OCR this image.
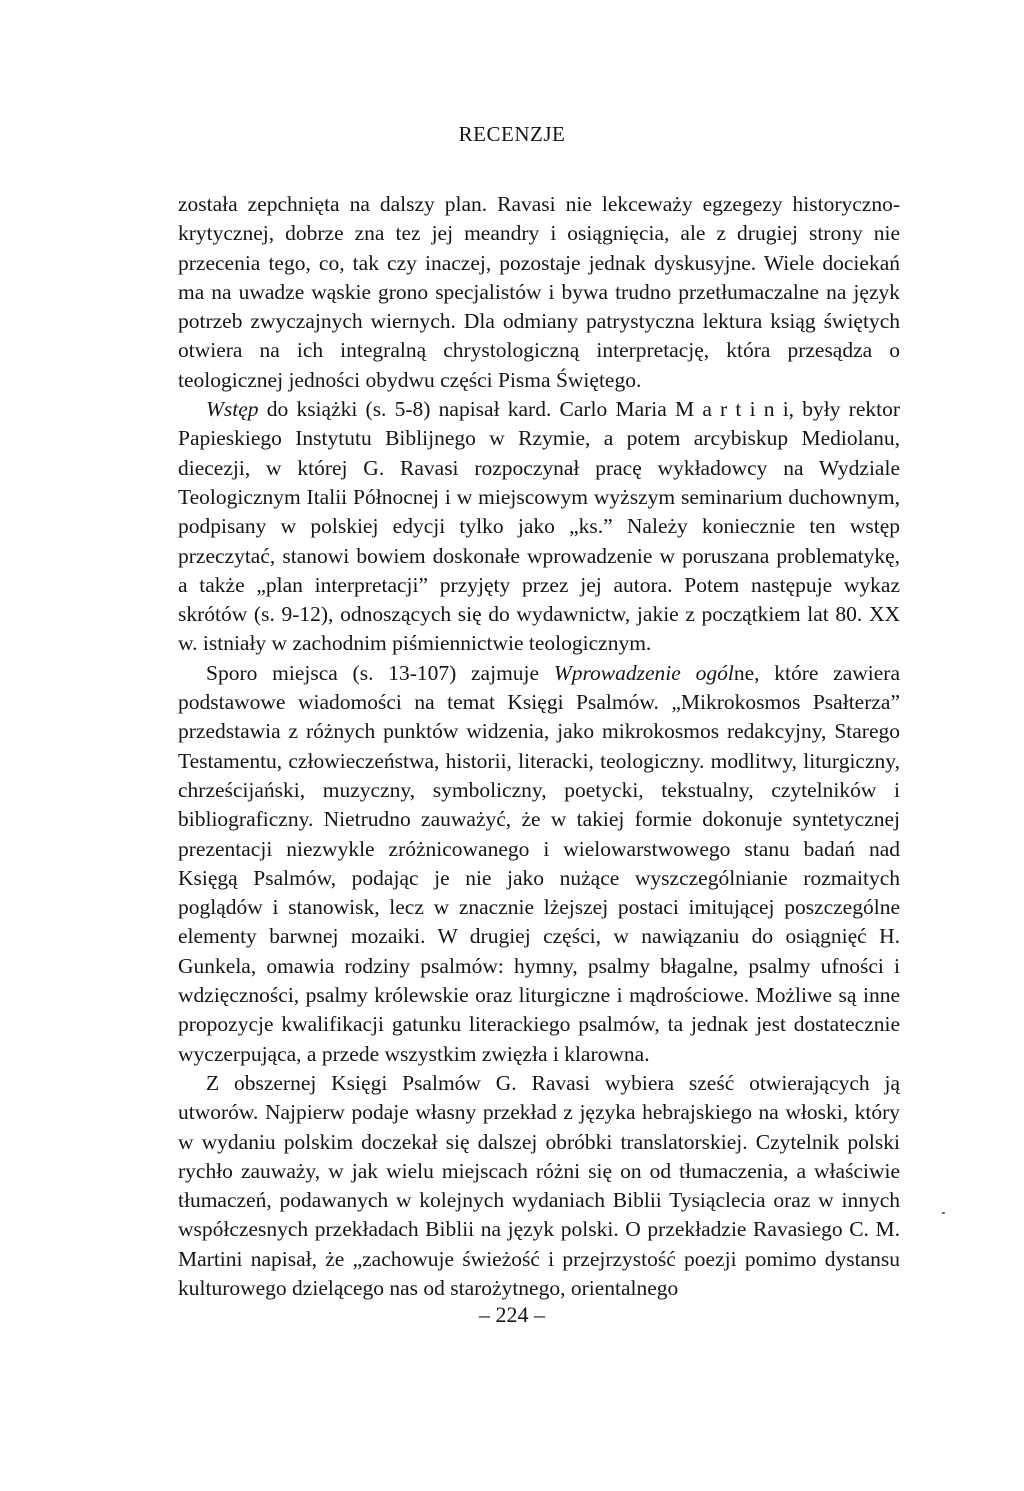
RECENZJE

została zepchnięta na dalszy plan. Ravasi nie lekceważy egzegezy historyczno-krytycznej, dobrze zna tez jej meandry i osiągnięcia, ale z drugiej strony nie przecenia tego, co, tak czy inaczej, pozostaje jednak dyskusyjne. Wiele dociekań ma na uwadze wąskie grono specjalistów i bywa trudno przetłumaczalne na język potrzeb zwyczajnych wiernych. Dla odmiany patrystyczna lektura ksiąg świętych otwiera na ich integralną chrystologiczną interpretację, która przesądza o teologicznej jedności obydwu części Pisma Świętego.

Wstęp do książki (s. 5-8) napisał kard. Carlo Maria M a r t i n i, były rektor Papieskiego Instytutu Biblijnego w Rzymie, a potem arcybiskup Mediolanu, diecezji, w której G. Ravasi rozpoczynał pracę wykładowcy na Wydziale Teologicznym Italii Północnej i w miejscowym wyższym seminarium duchownym, podpisany w polskiej edycji tylko jako „ks.” Należy koniecznie ten wstęp przeczytać, stanowi bowiem doskonałe wprowadzenie w poruszana problematykę, a także „plan interpretacji” przyjęty przez jej autora. Potem następuje wykaz skrótów (s. 9-12), odnoszących się do wydawnictw, jakie z początkiem lat 80. XX w. istniały w zachodnim piśmiennictwie teologicznym.

Sporo miejsca (s. 13-107) zajmuje Wprowadzenie ogólne, które zawiera podstawowe wiadomości na temat Księgi Psalmów. „Mikrokosmos Psałterza” przedstawia z różnych punktów widzenia, jako mikrokosmos redakcyjny, Starego Testamentu, człowieczeństwa, historii, literacki, teologiczny. modlitwy, liturgiczny, chrześcijański, muzyczny, symboliczny, poetycki, tekstualny, czytelników i bibliograficzny. Nietrudno zauważyć, że w takiej formie dokonuje syntetycznej prezentacji niezwykle zróżnicowanego i wielowarstwowego stanu badań nad Księgą Psalmów, podając je nie jako nużące wyszczególnianie rozmaitych poglądów i stanowisk, lecz w znacznie lżejszej postaci imitującej poszczególne elementy barwnej mozaiki. W drugiej części, w nawiązaniu do osiągnięć H. Gunkela, omawia rodziny psalmów: hymny, psalmy błagalne, psalmy ufności i wdzięczności, psalmy królewskie oraz liturgiczne i mądrościowe. Możliwe są inne propozycje kwalifikacji gatunku literackiego psalmów, ta jednak jest dostatecznie wyczerpująca, a przede wszystkim zwięzła i klarowna.

Z obszernej Księgi Psalmów G. Ravasi wybiera sześć otwierających ją utworów. Najpierw podaje własny przekład z języka hebrajskiego na włoski, który w wydaniu polskim doczekał się dalszej obróbki translatorskiej. Czytelnik polski rychło zauważy, w jak wielu miejscach różni się on od tłumaczenia, a właściwie tłumaczeń, podawanych w kolejnych wydaniach Biblii Tysiąclecia oraz w innych współczesnych przekładach Biblii na język polski. O przekładzie Ravasiego C. M. Martini napisał, że „zachowuje świeżość i przejrzystość poezji pomimo dystansu kulturowego dzielącego nas od starożytnego, orientalnego

– 224 –
